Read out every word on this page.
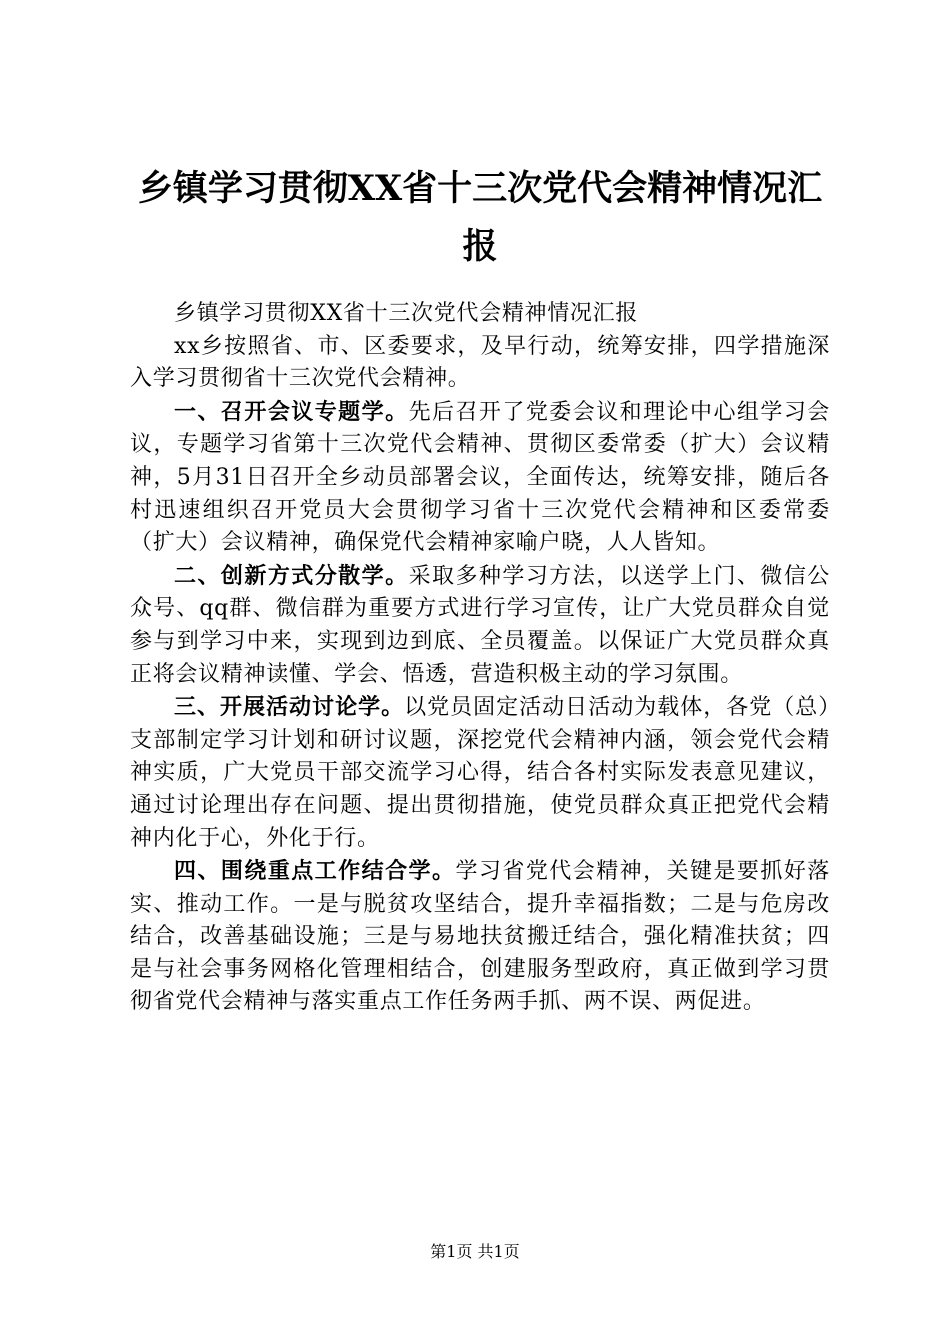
乡镇学习贯彻XX省十三次党代会精神情况汇报

乡镇学习贯彻XX省十三次党代会精神情况汇报

xx乡按照省、市、区委要求，及早行动，统筹安排，四学措施深入学习贯彻省十三次党代会精神。

一、召开会议专题学。先后召开了党委会议和理论中心组学习会议，专题学习省第十三次党代会精神、贯彻区委常委（扩大）会议精神，5月31日召开全乡动员部署会议，全面传达，统筹安排，随后各村迅速组织召开党员大会贯彻学习省十三次党代会精神和区委常委（扩大）会议精神，确保党代会精神家喻户晓，人人皆知。

二、创新方式分散学。采取多种学习方法，以送学上门、微信公众号、qq群、微信群为重要方式进行学习宣传，让广大党员群众自觉参与到学习中来，实现到边到底、全员覆盖。以保证广大党员群众真正将会议精神读懂、学会、悟透，营造积极主动的学习氛围。

三、开展活动讨论学。以党员固定活动日活动为载体，各党（总）支部制定学习计划和研讨议题，深挖党代会精神内涵，领会党代会精神实质，广大党员干部交流学习心得，结合各村实际发表意见建议，通过讨论理出存在问题、提出贯彻措施，使党员群众真正把党代会精神内化于心，外化于行。

四、围绕重点工作结合学。学习省党代会精神，关键是要抓好落实、推动工作。一是与脱贫攻坚结合，提升幸福指数；二是与危房改结合，改善基础设施；三是与易地扶贫搬迁结合，强化精准扶贫；四是与社会事务网格化管理相结合，创建服务型政府，真正做到学习贯彻省党代会精神与落实重点工作任务两手抓、两不误、两促进。

第1页 共1页
